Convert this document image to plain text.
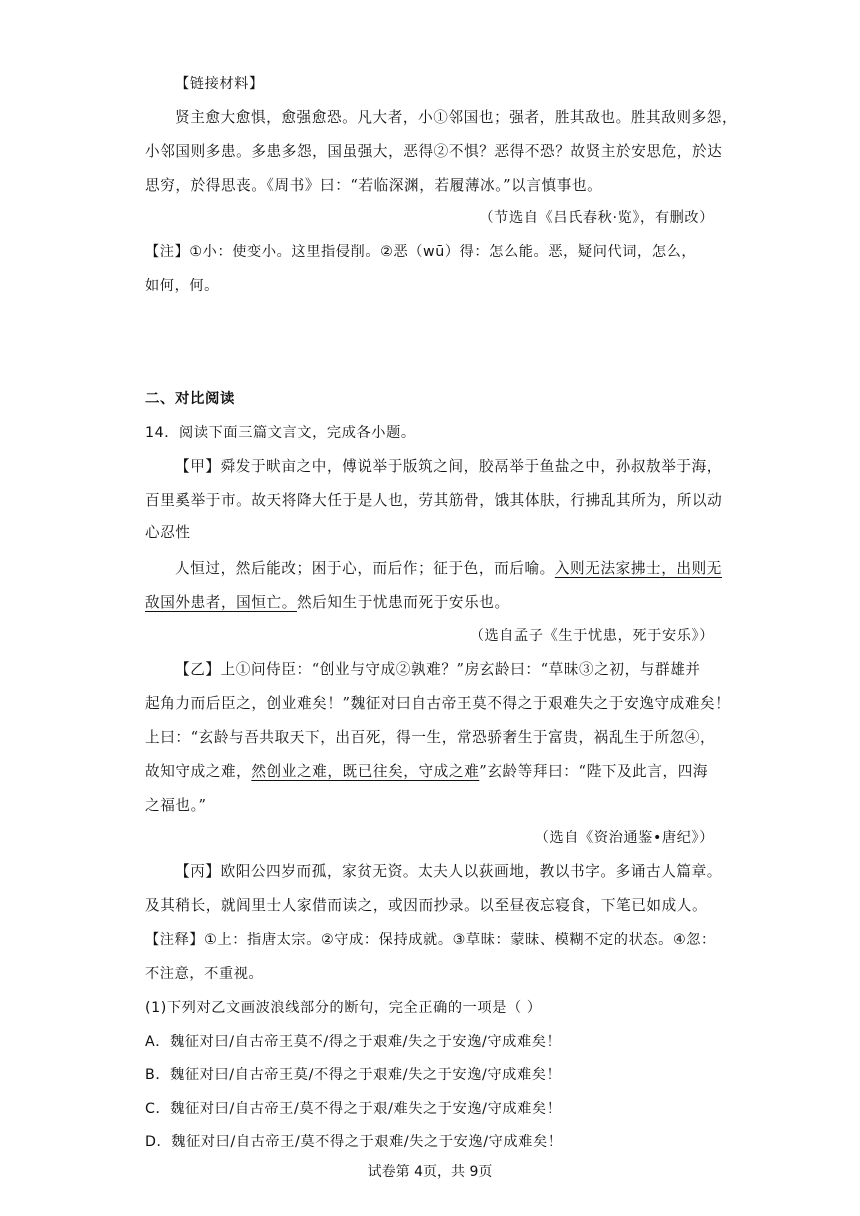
【链接材料】
贤主愈大愈惧，愈强愈恐。凡大者，小①邻国也；强者，胜其敌也。胜其敌则多怨，
小邻国则多患。多患多怨，国虽强大，恶得②不惧？恶得不恐？故贤主於安思危，於达
思穷，於得思丧。《周书》曰：“若临深渊，若履薄冰。”以言慎事也。
（节选自《吕氏春秋·览》，有删改）
【注】①小：使变小。这里指侵削。②恶（wū）得：怎么能。恶，疑问代词，怎么，
如何，何。
二、对比阅读
14．阅读下面三篇文言文，完成各小题。
【甲】舜发于畎亩之中，傅说举于版筑之间，胶鬲举于鱼盐之中，孙叔敖举于海，
百里奚举于市。故天将降大任于是人也，劳其筋骨，饿其体肤，行拂乱其所为，所以动
心忍性
人恒过，然后能改；困于心，而后作；征于色，而后喻。入则无法家拂士，出则无
敌国外患者，国恒亡。然后知生于忧患而死于安乐也。
（选自孟子《生于忧患，死于安乐》）
【乙】上①问侍臣：“创业与守成②孰难？”房玄龄曰：“草昧③之初，与群雄并
起角力而后臣之，创业难矣！”魏征对曰自古帝王莫不得之于艰难失之于安逸守成难矣！
上曰：“玄龄与吾共取天下，出百死，得一生，常恐骄奢生于富贵，祸乱生于所忽④，
故知守成之难，然创业之难，既已往矣，守成之难”玄龄等拜曰：“陛下及此言，四海
之福也。”
（选自《资治通鉴•唐纪》）
【丙】欧阳公四岁而孤，家贫无资。太夫人以荻画地，教以书字。多诵古人篇章。
及其稍长，就闾里士人家借而读之，或因而抄录。以至昼夜忘寝食，下笔已如成人。
【注释】①上：指唐太宗。②守成：保持成就。③草昧：蒙昧、模糊不定的状态。④忽：
不注意，不重视。
(1)下列对乙文画波浪线部分的断句，完全正确的一项是（ ）
A．魏征对曰/自古帝王莫不/得之于艰难/失之于安逸/守成难矣！
B．魏征对曰/自古帝王莫/不得之于艰难/失之于安逸/守成难矣！
C．魏征对曰/自古帝王/莫不得之于艰/难失之于安逸/守成难矣！
D．魏征对曰/自古帝王/莫不得之于艰难/失之于安逸/守成难矣！
试卷第 4页，共 9页
